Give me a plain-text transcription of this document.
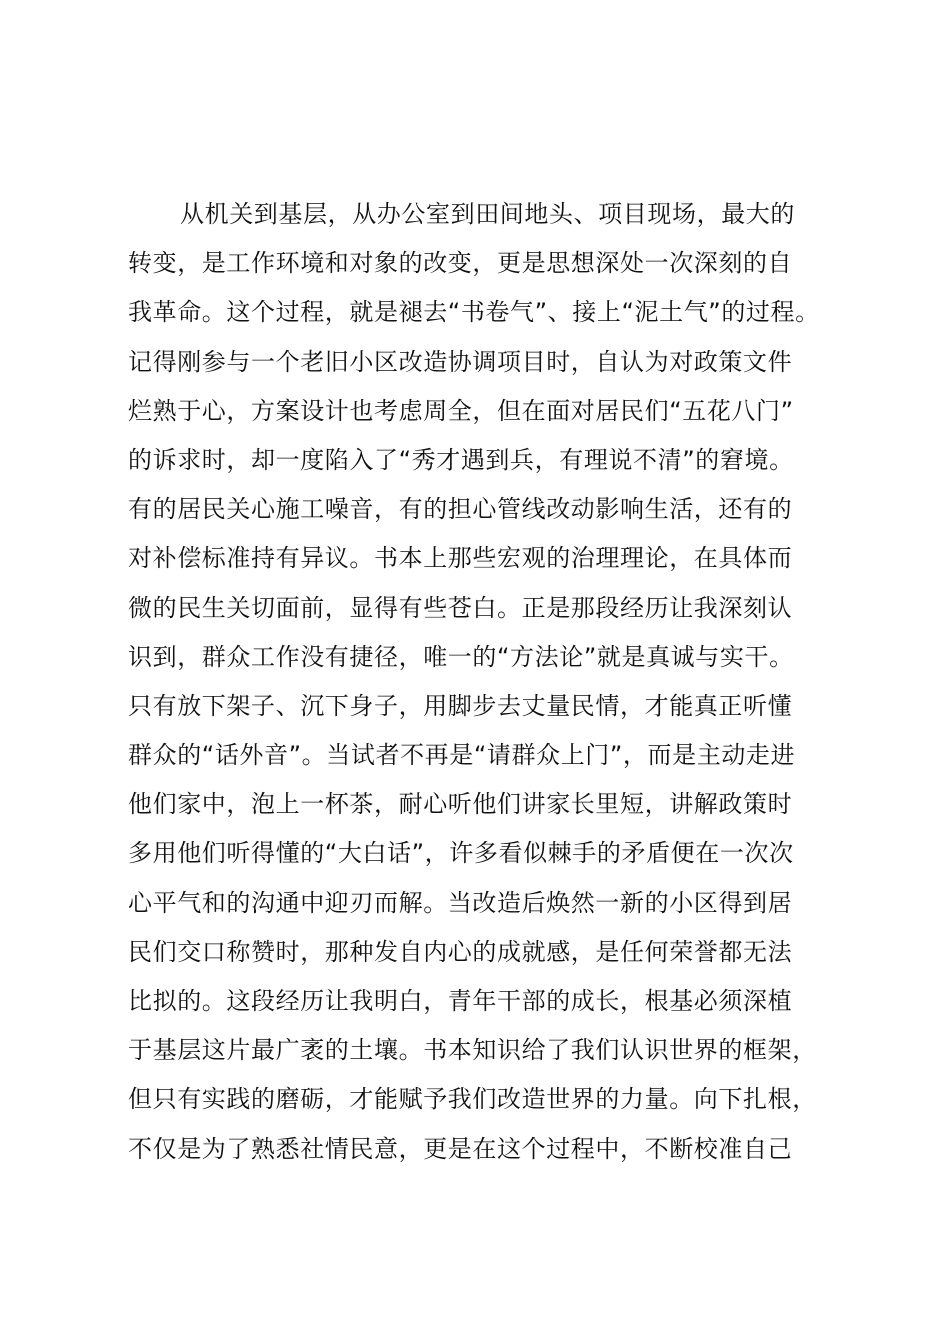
从机关到基层，从办公室到田间地头、项目现场，最大的
转变，是工作环境和对象的改变，更是思想深处一次深刻的自
我革命。这个过程，就是褪去“书卷气”、接上“泥土气”的过程。
记得刚参与一个老旧小区改造协调项目时，自认为对政策文件
烂熟于心，方案设计也考虑周全，但在面对居民们“五花八门”
的诉求时，却一度陷入了“秀才遇到兵，有理说不清”的窘境。
有的居民关心施工噪音，有的担心管线改动影响生活，还有的
对补偿标准持有异议。书本上那些宏观的治理理论，在具体而
微的民生关切面前，显得有些苍白。正是那段经历让我深刻认
识到，群众工作没有捷径，唯一的“方法论”就是真诚与实干。
只有放下架子、沉下身子，用脚步去丈量民情，才能真正听懂
群众的“话外音”。当试者不再是“请群众上门”，而是主动走进
他们家中，泡上一杯茶，耐心听他们讲家长里短，讲解政策时
多用他们听得懂的“大白话”，许多看似棘手的矛盾便在一次次
心平气和的沟通中迎刃而解。当改造后焕然一新的小区得到居
民们交口称赞时，那种发自内心的成就感，是任何荣誉都无法
比拟的。这段经历让我明白，青年干部的成长，根基必须深植
于基层这片最广袤的土壤。书本知识给了我们认识世界的框架，
但只有实践的磨砺，才能赋予我们改造世界的力量。向下扎根，
不仅是为了熟悉社情民意，更是在这个过程中，不断校准自己
